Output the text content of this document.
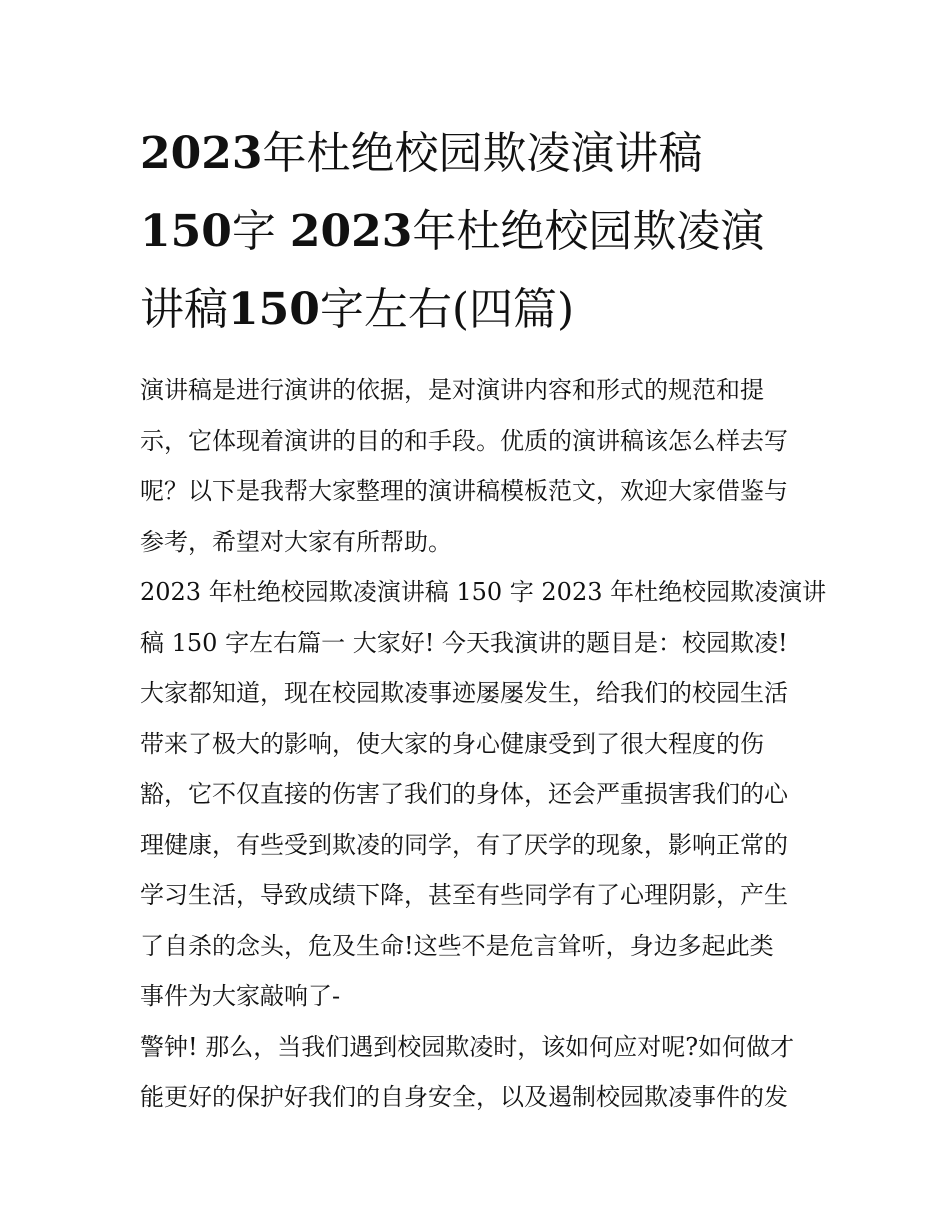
2023年杜绝校园欺凌演讲稿
150字 2023年杜绝校园欺凌演
讲稿150字左右(四篇)

演讲稿是进行演讲的依据，是对演讲内容和形式的规范和提
示，它体现着演讲的目的和手段。优质的演讲稿该怎么样去写
呢？以下是我帮大家整理的演讲稿模板范文，欢迎大家借鉴与
参考，希望对大家有所帮助。

2023 年杜绝校园欺凌演讲稿 150 字 2023 年杜绝校园欺凌演讲
稿 150 字左右篇一 大家好! 今天我演讲的题目是：校园欺凌!
大家都知道，现在校园欺凌事迹屡屡发生，给我们的校园生活
带来了极大的影响，使大家的身心健康受到了很大程度的伤
豁，它不仅直接的伤害了我们的身体，还会严重损害我们的心
理健康，有些受到欺凌的同学，有了厌学的现象，影响正常的
学习生活，导致成绩下降，甚至有些同学有了心理阴影，产生
了自杀的念头，危及生命!这些不是危言耸听，身边多起此类
事件为大家敲响了-

警钟! 那么，当我们遇到校园欺凌时，该如何应对呢?如何做才
能更好的保护好我们的自身安全，以及遏制校园欺凌事件的发
